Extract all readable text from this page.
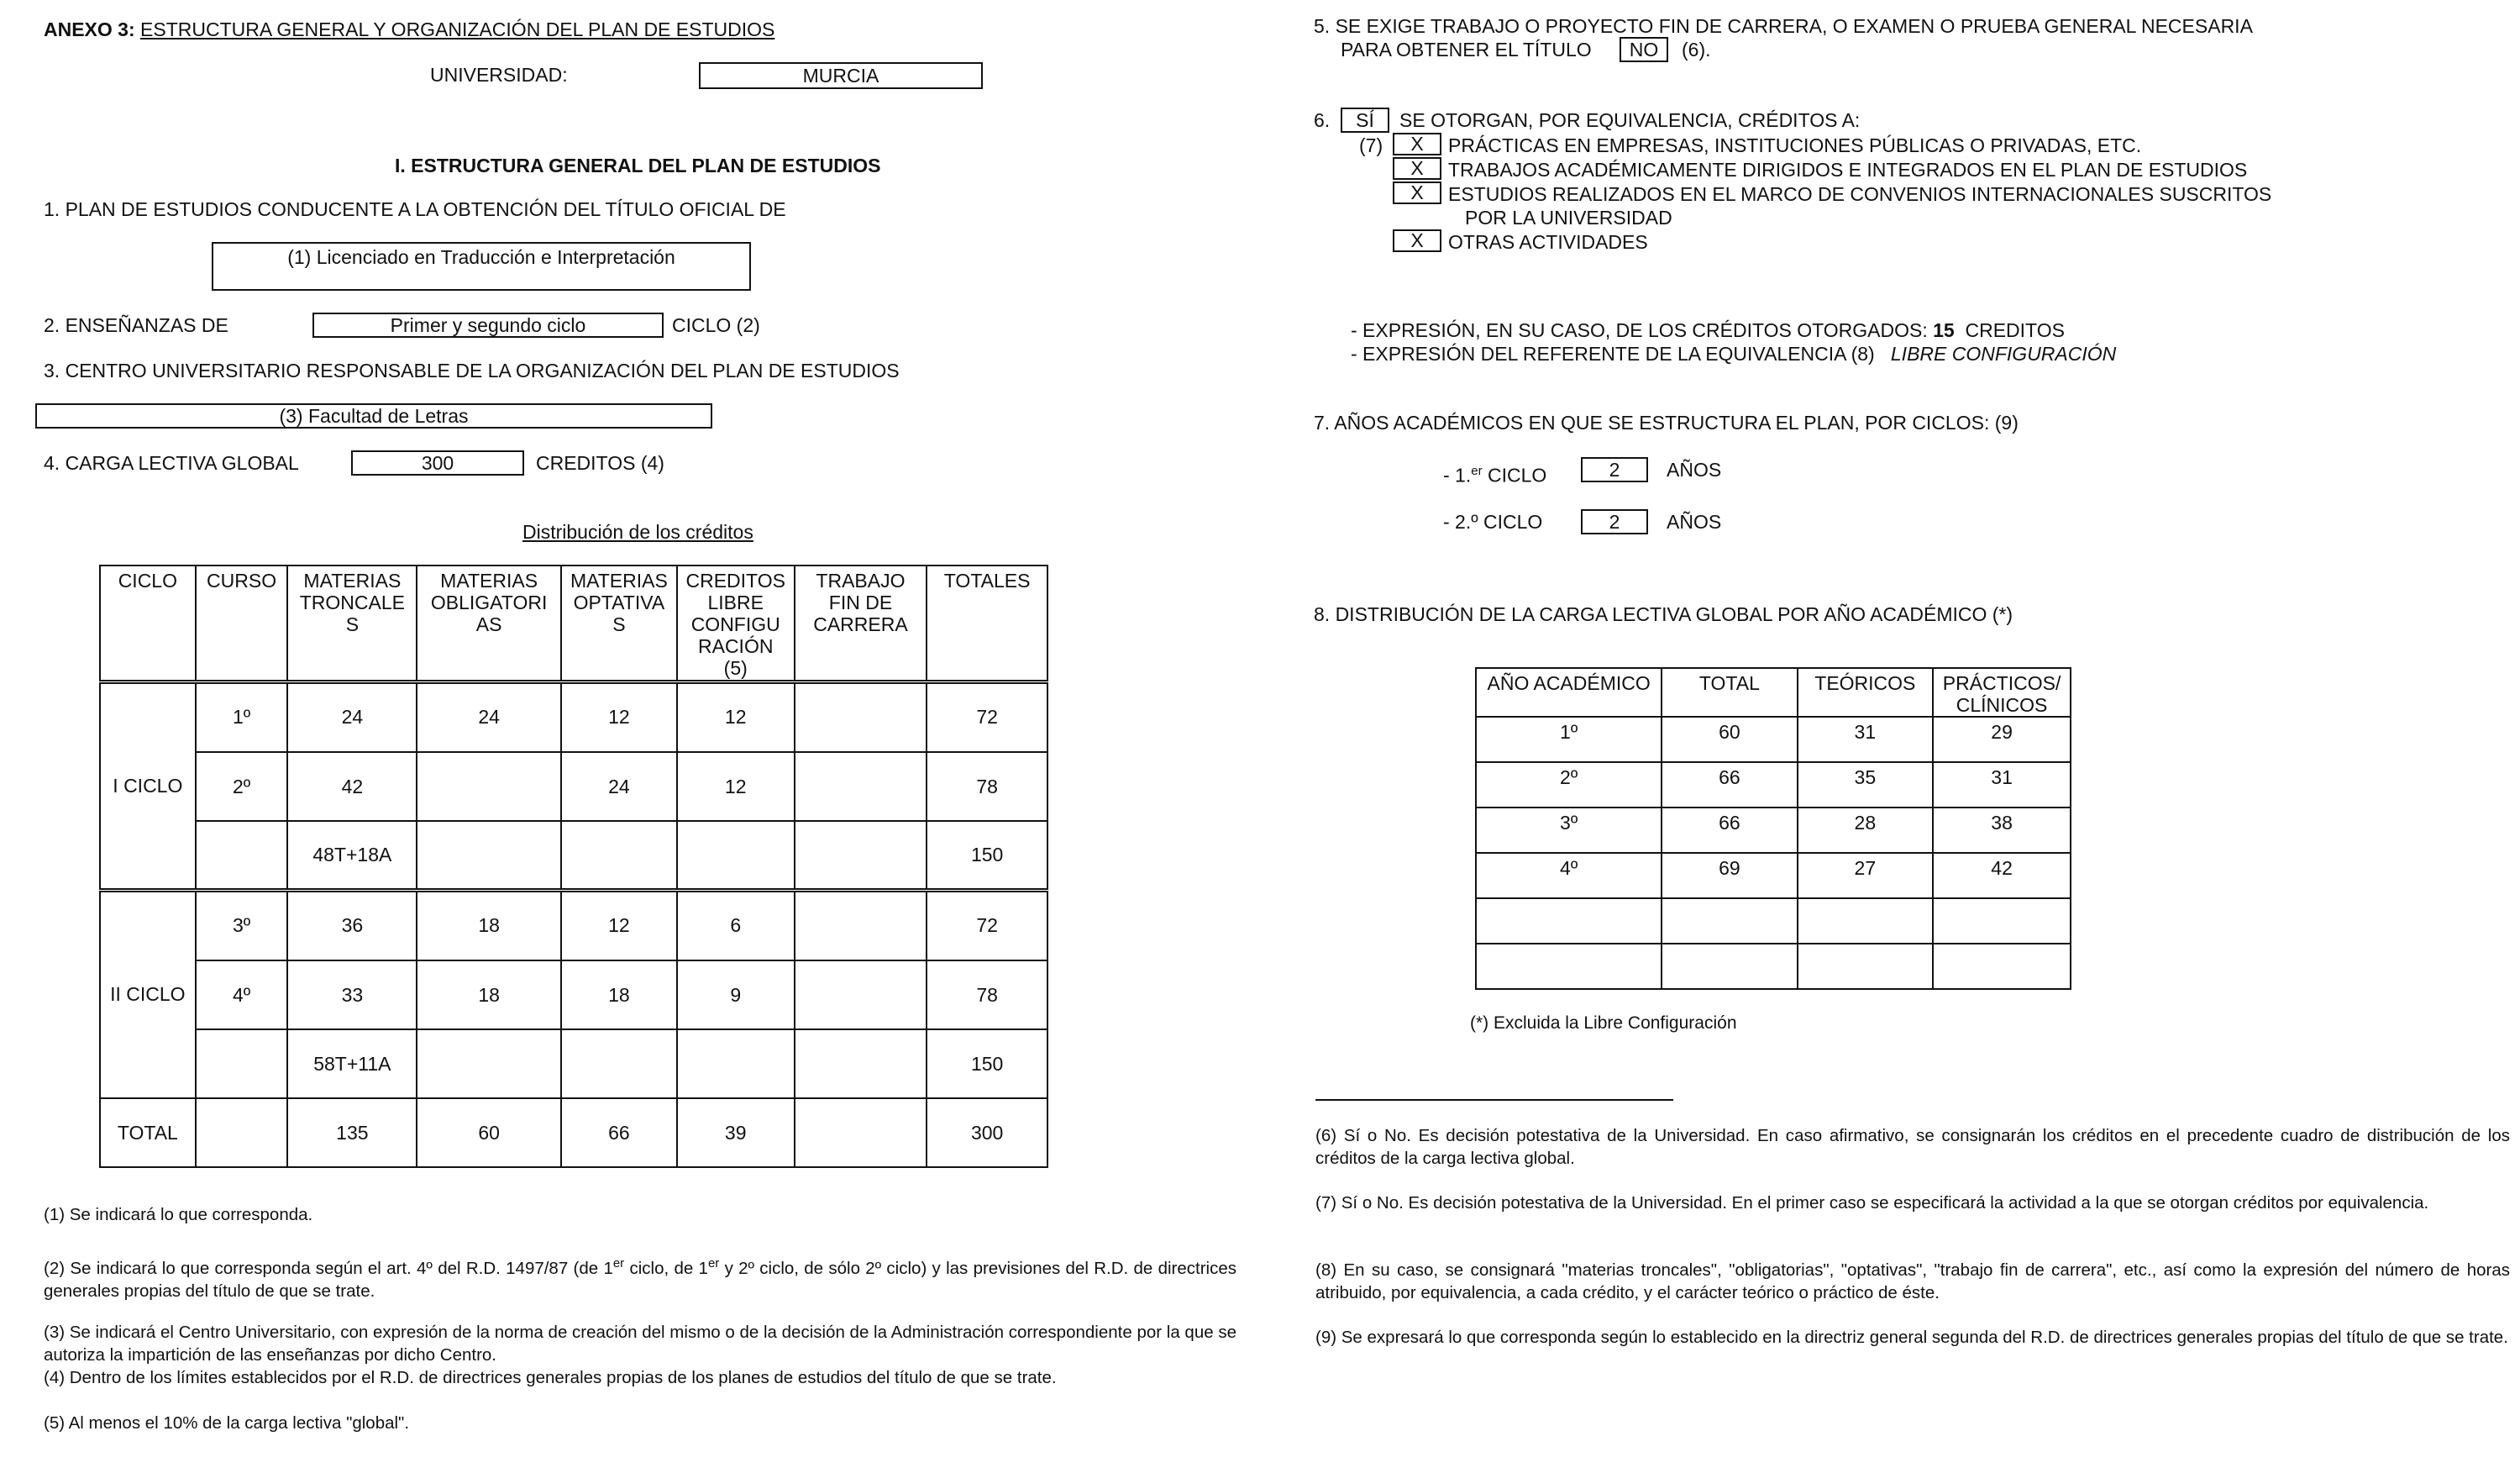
ANEXO 3: ESTRUCTURA GENERAL Y ORGANIZACIÓN DEL PLAN DE ESTUDIOS
UNIVERSIDAD:	MURCIA
I. ESTRUCTURA GENERAL DEL PLAN DE ESTUDIOS
1. PLAN DE ESTUDIOS CONDUCENTE A LA OBTENCIÓN DEL TÍTULO OFICIAL DE
(1) Licenciado en Traducción e Interpretación
2. ENSEÑANZAS DE	Primer y segundo ciclo	CICLO (2)
3. CENTRO UNIVERSITARIO RESPONSABLE DE LA ORGANIZACIÓN DEL PLAN DE ESTUDIOS
(3) Facultad de Letras
4. CARGA LECTIVA GLOBAL	300	CREDITOS (4)
Distribución de los créditos
CICLO	CURSO	MATERIAS
TRONCALE
S	MATERIAS
OBLIGATORI
AS	MATERIAS
OPTATIVA
S	CREDITOS
LIBRE
CONFIGU
RACIÓN
(5)	TRABAJO
FIN DE
CARRERA	TOTALES
I CICLO	1º	24	24	12	12		72
	2º	42		24	12		78
		48T+18A					150
II CICLO	3º	36	18	12	6		72
	4º	33	18	18	9		78
		58T+11A					150
TOTAL		135	60	66	39		300
(1) Se indicará lo que corresponda.
(2) Se indicará lo que corresponda según el art. 4º del R.D. 1497/87 (de 1er ciclo, de 1er y 2º ciclo, de sólo 2º ciclo) y las previsiones del R.D. de directrices generales propias del título de que se trate.
(3) Se indicará el Centro Universitario, con expresión de la norma de creación del mismo o de la decisión de la Administración correspondiente por la que se autoriza la impartición de las enseñanzas por dicho Centro.
(4) Dentro de los límites establecidos por el R.D. de directrices generales propias de los planes de estudios del título de que se trate.
(5) Al menos el 10% de la carga lectiva "global".
5. SE EXIGE TRABAJO O PROYECTO FIN DE CARRERA, O EXAMEN O PRUEBA GENERAL NECESARIA
PARA OBTENER EL TÍTULO	NO	(6).
6.	SÍ	SE OTORGAN, POR EQUIVALENCIA, CRÉDITOS A:
(7)	X	PRÁCTICAS EN EMPRESAS, INSTITUCIONES PÚBLICAS O PRIVADAS, ETC.
X	TRABAJOS ACADÉMICAMENTE DIRIGIDOS E INTEGRADOS EN EL PLAN DE ESTUDIOS
X	ESTUDIOS REALIZADOS EN EL MARCO DE CONVENIOS INTERNACIONALES SUSCRITOS
POR LA UNIVERSIDAD
X	OTRAS ACTIVIDADES
- EXPRESIÓN, EN SU CASO, DE LOS CRÉDITOS OTORGADOS: 15 CREDITOS
- EXPRESIÓN DEL REFERENTE DE LA EQUIVALENCIA (8) LIBRE CONFIGURACIÓN
7. AÑOS ACADÉMICOS EN QUE SE ESTRUCTURA EL PLAN, POR CICLOS: (9)
- 1.$^{er}$ CICLO	2	AÑOS
- 2.º CICLO	2	AÑOS
8. DISTRIBUCIÓN DE LA CARGA LECTIVA GLOBAL POR AÑO ACADÉMICO (*)
AÑO ACADÉMICO	TOTAL	TEÓRICOS	PRÁCTICOS/
CLÍNICOS
1º	60	31	29
2º	66	35	31
3º	66	28	38
4º	69	27	42

(*) Excluida la Libre Configuración
(6) Sí o No. Es decisión potestativa de la Universidad. En caso afirmativo, se consignarán los créditos en el precedente cuadro de distribución de los créditos de la carga lectiva global.
(7) Sí o No. Es decisión potestativa de la Universidad. En el primer caso se especificará la actividad a la que se otorgan créditos por equivalencia.
(8) En su caso, se consignará "materias troncales", "obligatorias", "optativas", "trabajo fin de carrera", etc., así como la expresión del número de horas atribuido, por equivalencia, a cada crédito, y el carácter teórico o práctico de éste.
(9) Se expresará lo que corresponda según lo establecido en la directriz general segunda del R.D. de directrices generales propias del título de que se trate.
